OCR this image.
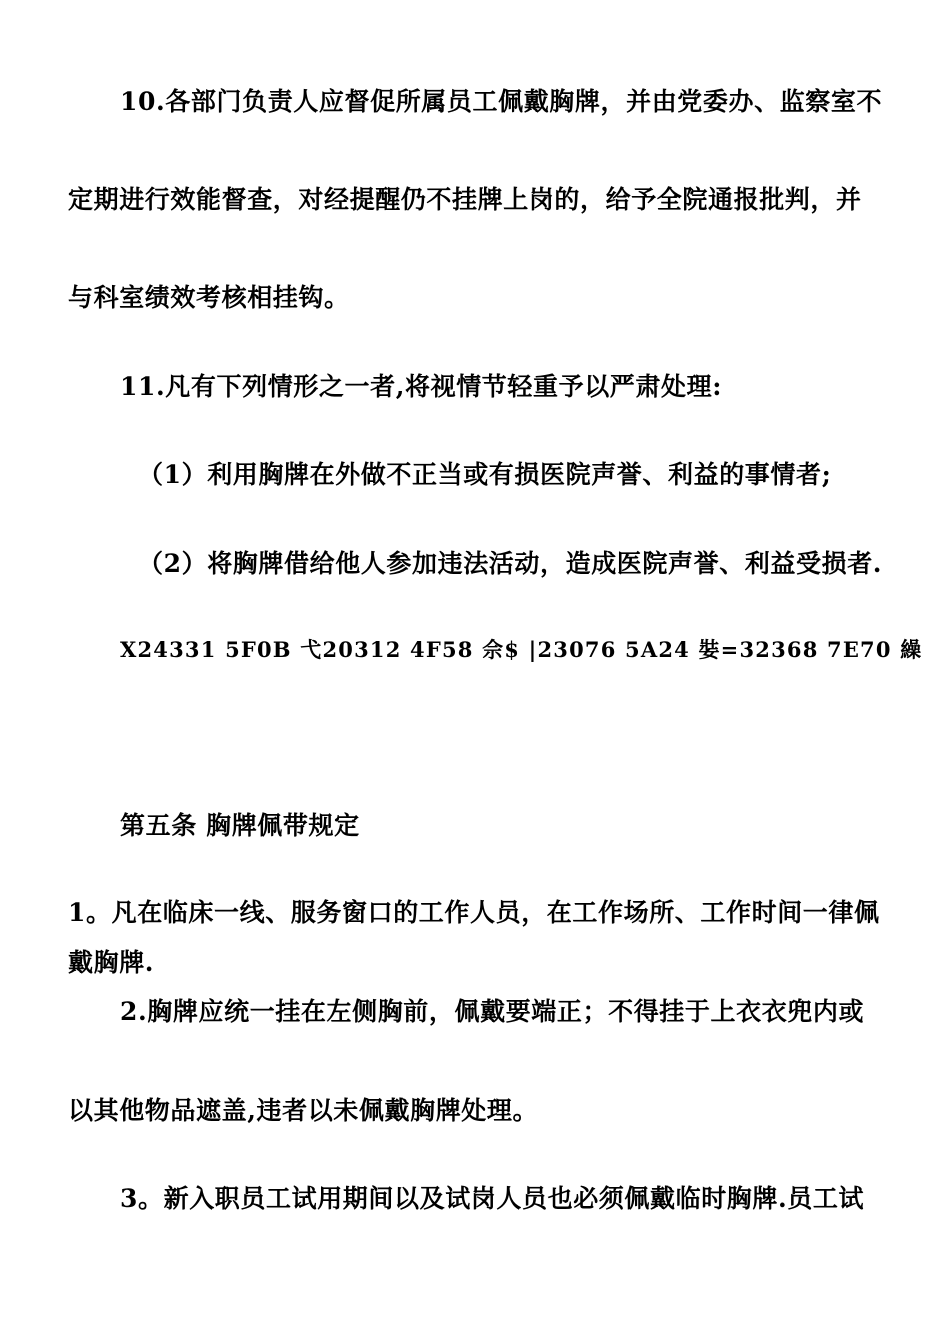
10.各部门负责人应督促所属员工佩戴胸牌，并由党委办、监察室不
定期进行效能督查，对经提醒仍不挂牌上岗的，给予全院通报批判，并
与科室绩效考核相挂钩。
11.凡有下列情形之一者,将视情节轻重予以严肃处理:
（1）利用胸牌在外做不正当或有损医院声誉、利益的事情者;
（2）将胸牌借给他人参加违法活动，造成医院声誉、利益受损者.
X24331 5F0B 弋20312 4F58 佘$ |23076 5A24 娤=32368 7E70 繰
第五条 胸牌佩带规定
1。凡在临床一线、服务窗口的工作人员，在工作场所、工作时间一律佩
戴胸牌.
2.胸牌应统一挂在左侧胸前，佩戴要端正；不得挂于上衣衣兜内或
以其他物品遮盖,违者以未佩戴胸牌处理。
3。新入职员工试用期间以及试岗人员也必须佩戴临时胸牌.员工试
